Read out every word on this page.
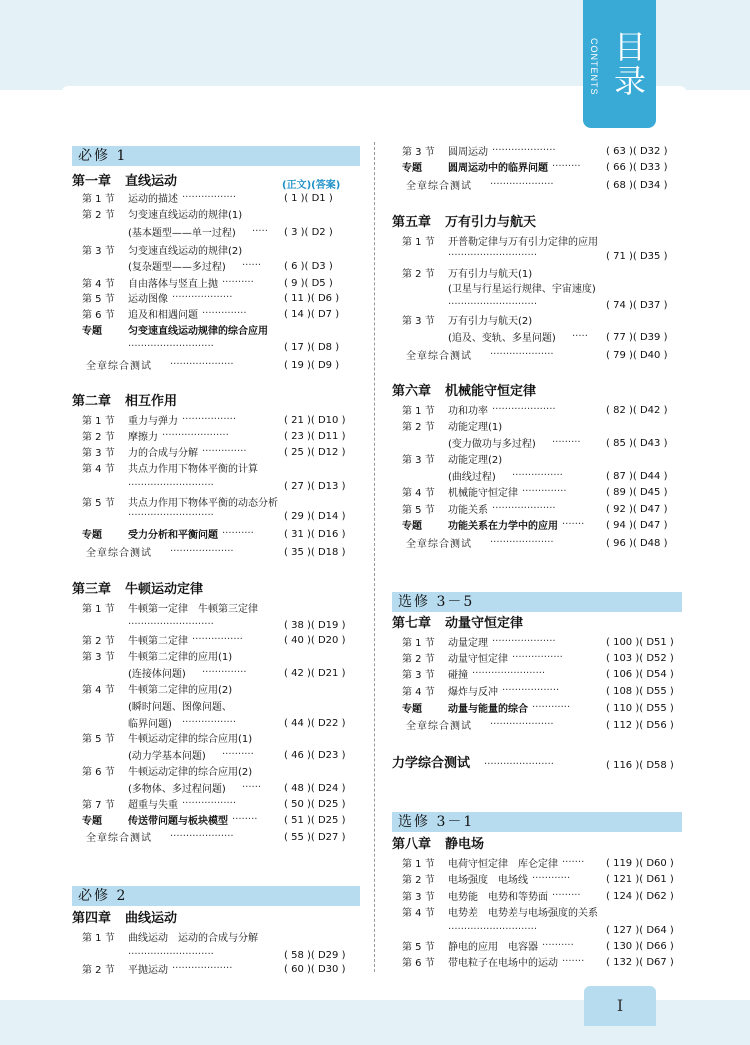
CONTENTS 目录
必修 1
第一章 直线运动	(正文)(答案)
第 1 节 运动的描述 ·················	( 1 )( D1 )
第 2 节 匀变速直线运动的规律(1)
(基本题型——单一过程) ·····	( 3 )( D2 )
第 3 节 匀变速直线运动的规律(2)
(复杂题型——多过程) ······	( 6 )( D3 )
第 4 节 自由落体与竖直上抛 ··········	( 9 )( D5 )
第 5 节 运动图像 ···················	( 11 )( D6 )
第 6 节 追及和相遇问题 ··············	( 14 )( D7 )
专题	匀变速直线运动规律的综合应用
···························	( 17 )( D8 )
全章综合测试 ····················	( 19 )( D9 )
第二章 相互作用
第 1 节 重力与弹力 ·················	( 21 )( D10 )
第 2 节 摩擦力 ·····················	( 23 )( D11 )
第 3 节 力的合成与分解 ··············	( 25 )( D12 )
第 4 节 共点力作用下物体平衡的计算
···························	( 27 )( D13 )
第 5 节 共点力作用下物体平衡的动态分析
···························	( 29 )( D14 )
专题	受力分析和平衡问题 ··········	( 31 )( D16 )
全章综合测试 ····················	( 35 )( D18 )
第三章 牛顿运动定律
第 1 节 牛顿第一定律　牛顿第三定律
···························	( 38 )( D19 )
第 2 节 牛顿第二定律 ················	( 40 )( D20 )
第 3 节 牛顿第二定律的应用(1)
(连接体问题) ··············	( 42 )( D21 )
第 4 节 牛顿第二定律的应用(2)
(瞬时问题、图像问题、
临界问题) ·················	( 44 )( D22 )
第 5 节 牛顿运动定律的综合应用(1)
(动力学基本问题) ··········	( 46 )( D23 )
第 6 节 牛顿运动定律的综合应用(2)
(多物体、多过程问题) ······	( 48 )( D24 )
第 7 节 超重与失重 ·················	( 50 )( D25 )
专题	传送带问题与板块模型 ········	( 51 )( D25 )
全章综合测试 ····················	( 55 )( D27 )
必修 2
第四章 曲线运动
第 1 节 曲线运动　运动的合成与分解
···························	( 58 )( D29 )
第 2 节 平抛运动 ···················	( 60 )( D30 )
第 3 节 圆周运动 ····················	( 63 )( D32 )
专题	圆周运动中的临界问题 ·········	( 66 )( D33 )
全章综合测试 ····················	( 68 )( D34 )
第五章 万有引力与航天
第 1 节 开普勒定律与万有引力定律的应用
····························	( 71 )( D35 )
第 2 节 万有引力与航天(1)
(卫星与行星运行规律、宇宙速度)
····························	( 74 )( D37 )
第 3 节 万有引力与航天(2)
(追及、变轨、多星问题) ·····	( 77 )( D39 )
全章综合测试 ····················	( 79 )( D40 )
第六章 机械能守恒定律
第 1 节 功和功率 ····················	( 82 )( D42 )
第 2 节 动能定理(1)
(变力做功与多过程) ·········	( 85 )( D43 )
第 3 节 动能定理(2)
(曲线过程) ················	( 87 )( D44 )
第 4 节 机械能守恒定律 ··············	( 89 )( D45 )
第 5 节 功能关系 ····················	( 92 )( D47 )
专题	功能关系在力学中的应用 ·······	( 94 )( D47 )
全章综合测试 ····················	( 96 )( D48 )
选修 3－5
第七章 动量守恒定律
第 1 节 动量定理 ····················	( 100 )( D51 )
第 2 节 动量守恒定律 ················	( 103 )( D52 )
第 3 节 碰撞 ·······················	( 106 )( D54 )
第 4 节 爆炸与反冲 ··················	( 108 )( D55 )
专题	动量与能量的综合 ············	( 110 )( D55 )
全章综合测试 ····················	( 112 )( D56 )
力学综合测试 ······················	( 116 )( D58 )
选修 3－1
第八章 静电场
第 1 节 电荷守恒定律　库仑定律 ·······	( 119 )( D60 )
第 2 节 电场强度　电场线 ············	( 121 )( D61 )
第 3 节 电势能　电势和等势面 ·········	( 124 )( D62 )
第 4 节 电势差　电势差与电场强度的关系
····························	( 127 )( D64 )
第 5 节 静电的应用　电容器 ··········	( 130 )( D66 )
第 6 节 带电粒子在电场中的运动 ·······	( 132 )( D67 )
I
